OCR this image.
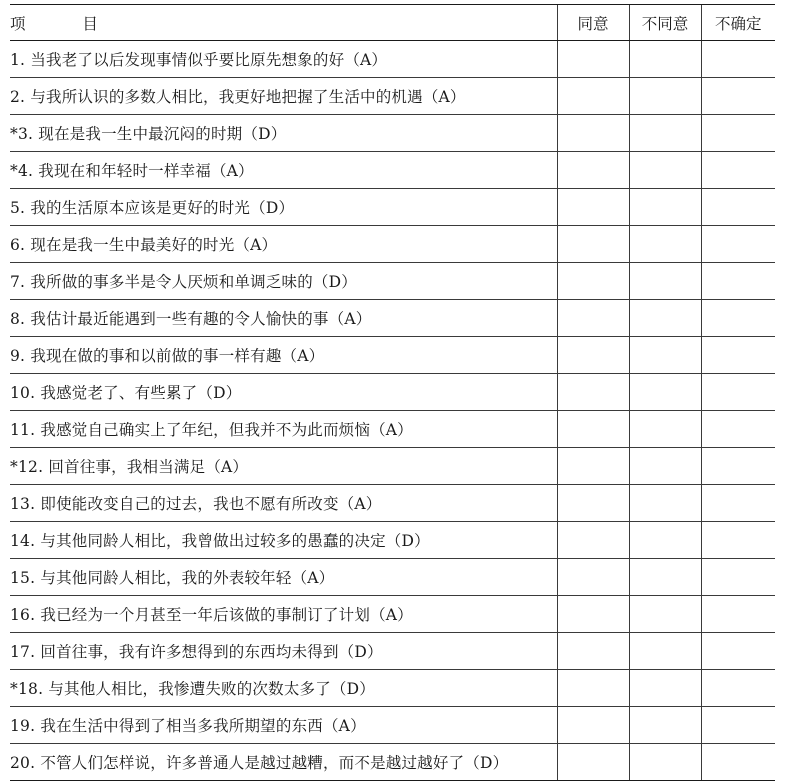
项 目	同意	不同意	不确定
1. 当我老了以后发现事情似乎要比原先想象的好（A）			
2. 与我所认识的多数人相比，我更好地把握了生活中的机遇（A）			
*3. 现在是我一生中最沉闷的时期（D）			
*4. 我现在和年轻时一样幸福（A）			
5. 我的生活原本应该是更好的时光（D）			
6. 现在是我一生中最美好的时光（A）			
7. 我所做的事多半是令人厌烦和单调乏味的（D）			
8. 我估计最近能遇到一些有趣的令人愉快的事（A）			
9. 我现在做的事和以前做的事一样有趣（A）			
10. 我感觉老了、有些累了（D）			
11. 我感觉自己确实上了年纪，但我并不为此而烦恼（A）			
*12. 回首往事，我相当满足（A）			
13. 即使能改变自己的过去，我也不愿有所改变（A）			
14. 与其他同龄人相比，我曾做出过较多的愚蠢的决定（D）			
15. 与其他同龄人相比，我的外表较年轻（A）			
16. 我已经为一个月甚至一年后该做的事制订了计划（A）			
17. 回首往事，我有许多想得到的东西均未得到（D）			
*18. 与其他人相比，我惨遭失败的次数太多了（D）			
19. 我在生活中得到了相当多我所期望的东西（A）			
20. 不管人们怎样说，许多普通人是越过越糟，而不是越过越好了（D）			
